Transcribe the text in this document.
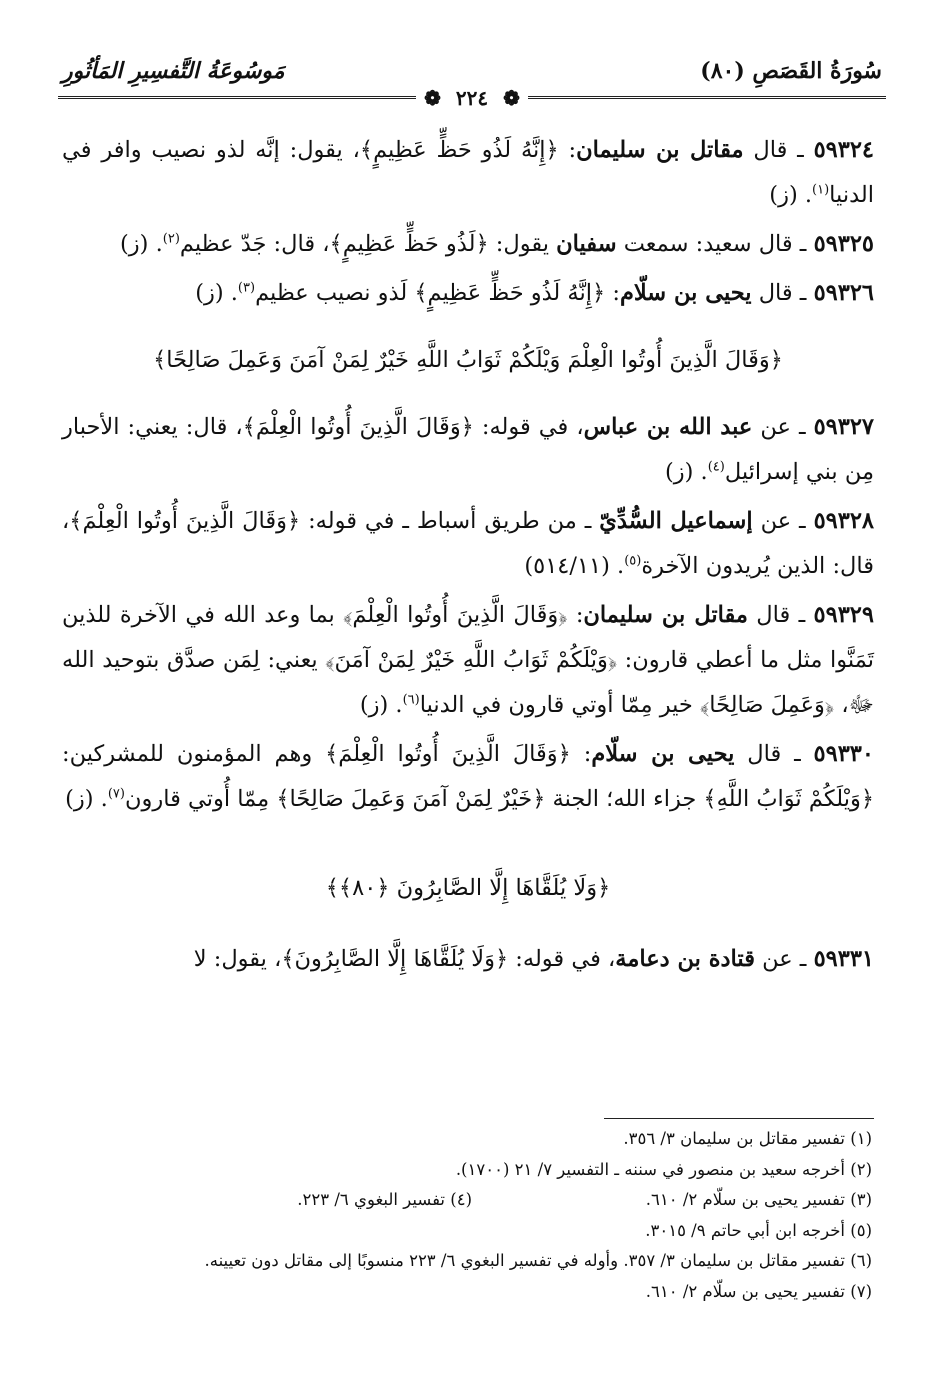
سُورَةُ القَصَصِ (٨٠)
مَوسُوعَةُ التَّفسِيرِ المَأثُورِ
❁ ٢٢٤ ❁
٥٩٣٢٤ ـ قال مقاتل بن سليمان: ﴿إِنَّهُ لَذُو حَظٍّ عَظِيمٍ﴾، يقول: إنَّه لذو نصيب وافر في الدنيا$^{(١)}$. (ز)
٥٩٣٢٥ ـ قال سعيد: سمعت سفيان يقول: ﴿لَذُو حَظٍّ عَظِيمٍ﴾، قال: جَدّ عظيم$^{(٢)}$. (ز)
٥٩٣٢٦ ـ قال يحيى بن سلّام: ﴿إِنَّهُ لَذُو حَظٍّ عَظِيمٍ﴾ لَذو نصيب عظيم$^{(٣)}$. (ز)
﴿وَقَالَ الَّذِينَ أُوتُوا الْعِلْمَ وَيْلَكُمْ ثَوَابُ اللَّهِ خَيْرٌ لِمَنْ آمَنَ وَعَمِلَ صَالِحًا﴾
٥٩٣٢٧ ـ عن عبد الله بن عباس، في قوله: ﴿وَقَالَ الَّذِينَ أُوتُوا الْعِلْمَ﴾، قال: يعني: الأحبار مِن بني إسرائيل$^{(٤)}$. (ز)
٥٩٣٢٨ ـ عن إسماعيل السُّدِّيّ ـ من طريق أسباط ـ في قوله: ﴿وَقَالَ الَّذِينَ أُوتُوا الْعِلْمَ﴾، قال: الذين يُريدون الآخرة$^{(٥)}$. (٥١٤/١١)
٥٩٣٢٩ ـ قال مقاتل بن سليمان: ﴿وَقَالَ الَّذِينَ أُوتُوا الْعِلْمَ﴾ بما وعد الله في الآخرة للذين تَمَنَّوا مثل ما أعطي قارون: ﴿وَيْلَكُمْ ثَوَابُ اللَّهِ خَيْرٌ لِمَنْ آمَنَ﴾ يعني: لِمَن صدَّق بتوحيد الله ﷻ، ﴿وَعَمِلَ صَالِحًا﴾ خير مِمّا أوتي قارون في الدنيا$^{(٦)}$. (ز)
٥٩٣٣٠ ـ قال يحيى بن سلّام: ﴿وَقَالَ الَّذِينَ أُوتُوا الْعِلْمَ﴾ وهم المؤمنون للمشركين: ﴿وَيْلَكُمْ ثَوَابُ اللَّهِ﴾ جزاء الله؛ الجنة ﴿خَيْرٌ لِمَنْ آمَنَ وَعَمِلَ صَالِحًا﴾ مِمّا أُوتي قارون$^{(٧)}$. (ز)
﴿وَلَا يُلَقَّاهَا إِلَّا الصَّابِرُونَ ﴿٨٠﴾﴾
٥٩٣٣١ ـ عن قتادة بن دعامة، في قوله: ﴿وَلَا يُلَقَّاهَا إِلَّا الصَّابِرُونَ﴾، يقول: لا
(١) تفسير مقاتل بن سليمان ٣/ ٣٥٦.
(٢) أخرجه سعيد بن منصور في سننه ـ التفسير ٧/ ٢١ (١٧٠٠).
(٣) تفسير يحيى بن سلّام ٢/ ٦١٠.
(٤) تفسير البغوي ٦/ ٢٢٣.
(٥) أخرجه ابن أبي حاتم ٩/ ٣٠١٥.
(٦) تفسير مقاتل بن سليمان ٣/ ٣٥٧. وأوله في تفسير البغوي ٦/ ٢٢٣ منسوبًا إلى مقاتل دون تعيينه.
(٧) تفسير يحيى بن سلّام ٢/ ٦١٠.
